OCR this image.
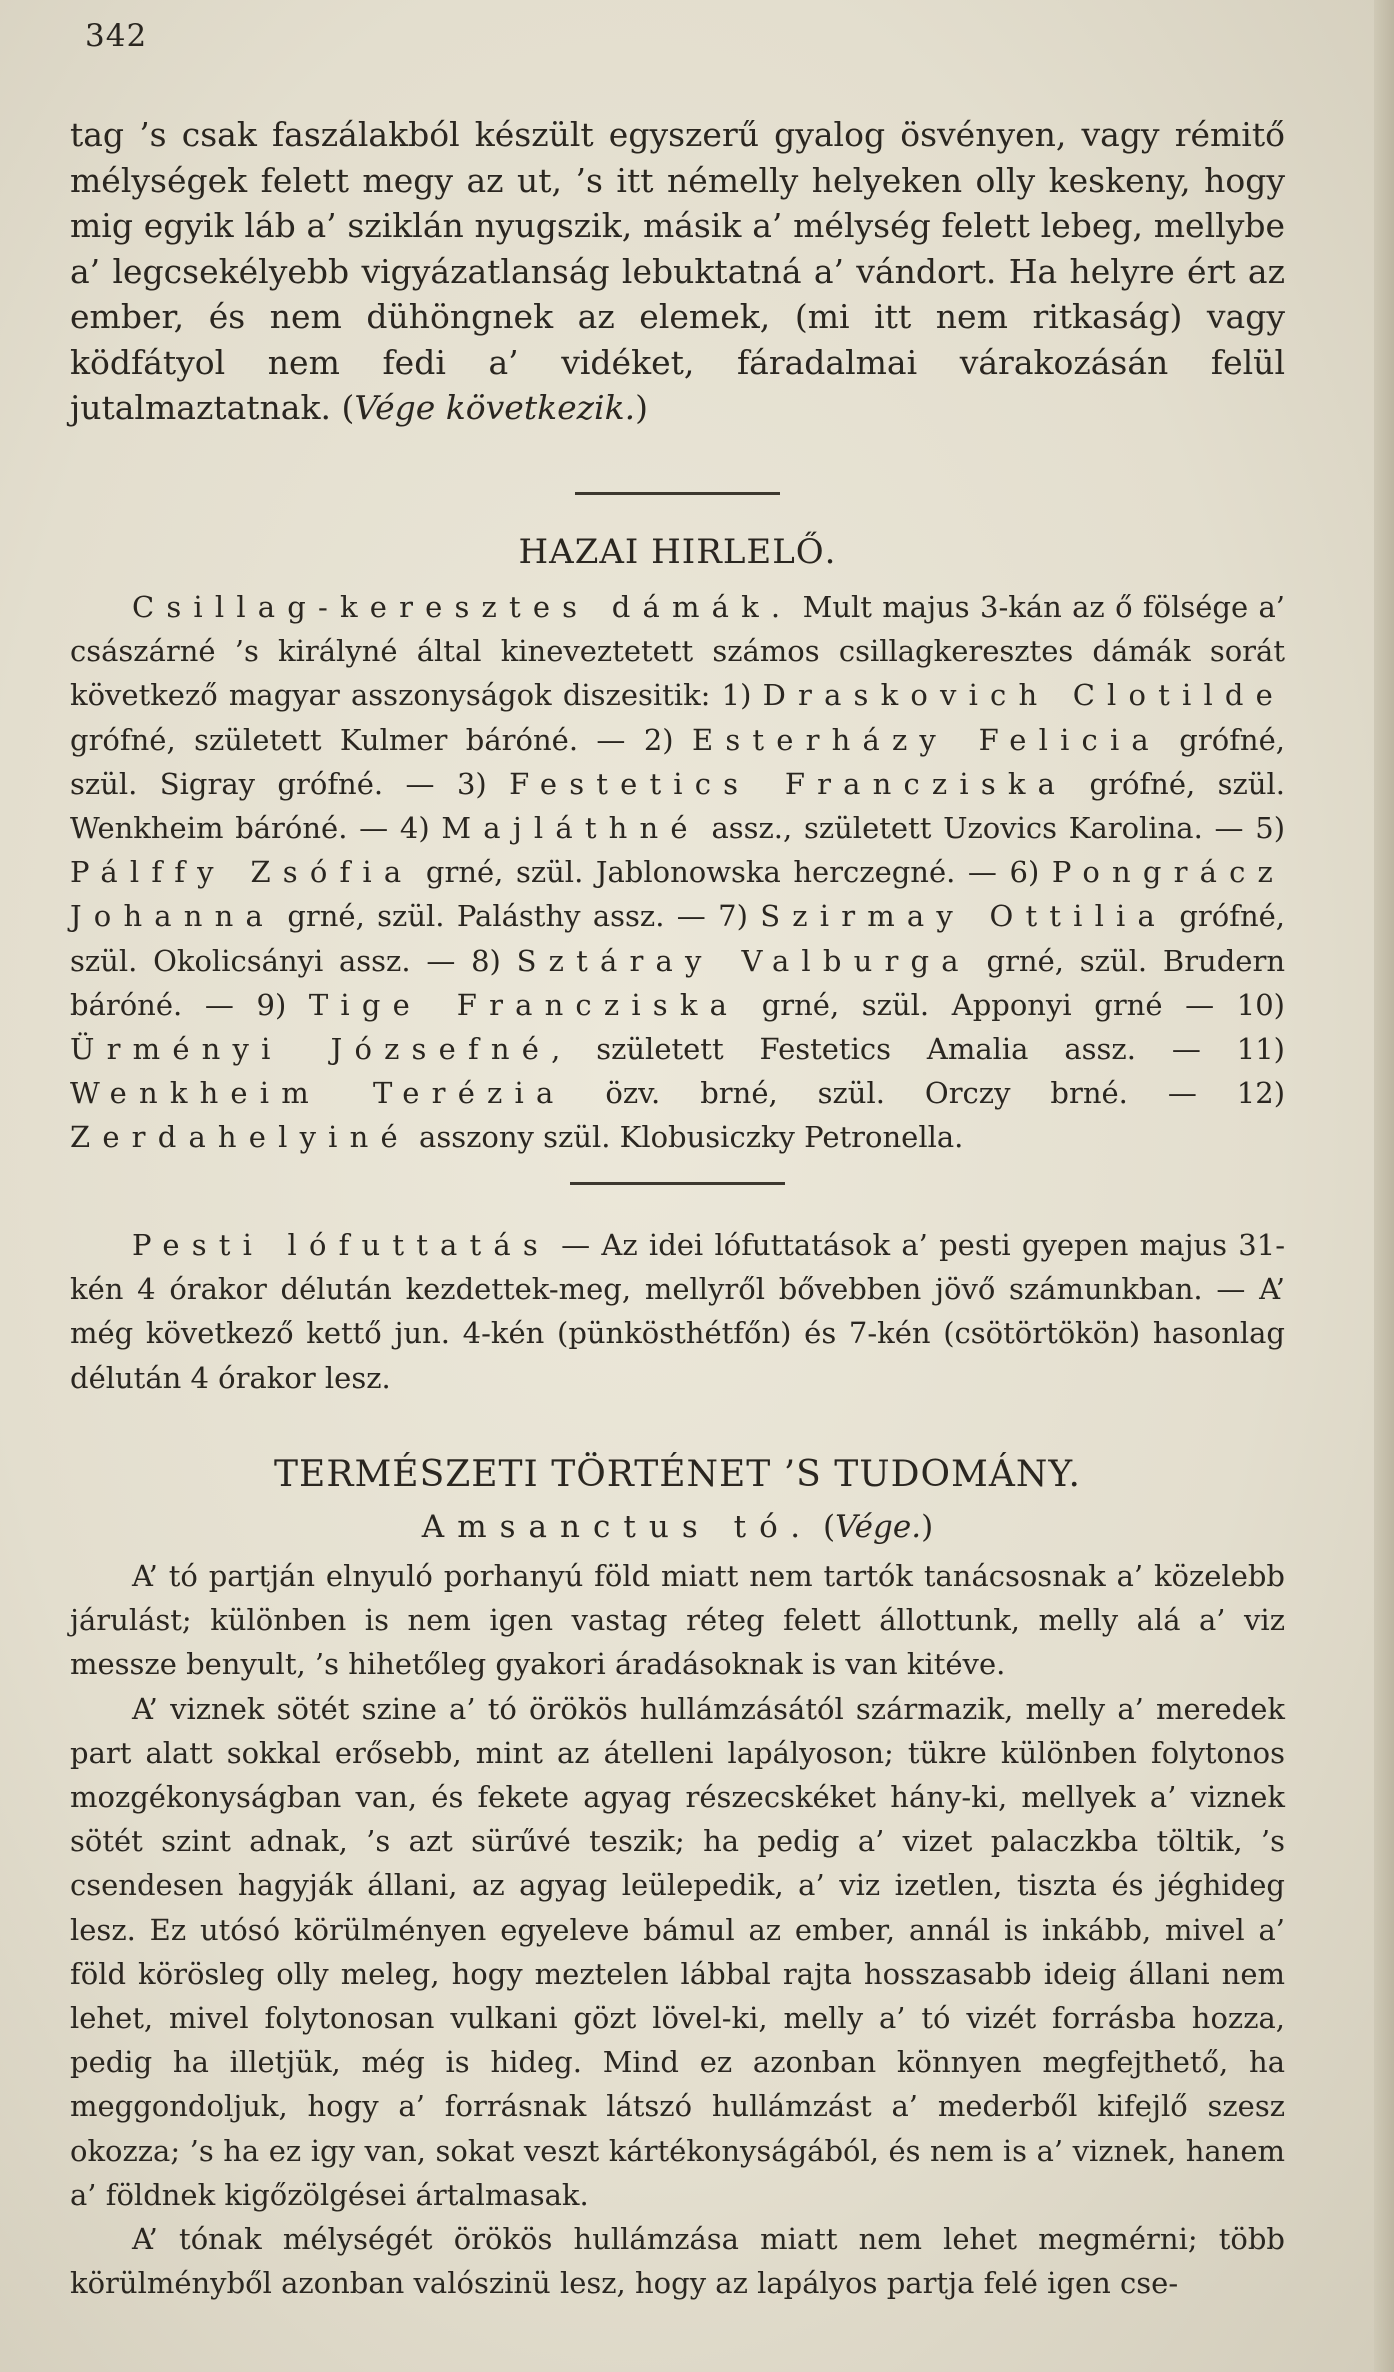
342

tag ’s csak faszálakból készült egyszerű gyalog ösvényen, vagy rémitő mélységek felett megy az ut, ’s itt némelly helyeken olly keskeny, hogy mig egyik láb a’ sziklán nyugszik, másik a’ mélység felett lebeg, mellybe a’ legcsekélyebb vigyázatlanság lebuktatná a’ vándort. Ha helyre ért az ember, és nem dühöngnek az elemek, (mi itt nem ritkaság) vagy ködfátyol nem fedi a’ vidéket, fáradalmai várakozásán felül jutalmaztatnak. (Vége következik.)

HAZAI HIRLELŐ.

Csillag-keresztes dámák. Mult majus 3-kán az ő fölsége a’ császárné ’s királyné által kineveztetett számos csillagkeresztes dámák sorát következő magyar asszonyságok diszesitik: 1) Draskovich Clotilde grófné, született Kulmer báróné. — 2) Esterházy Felicia grófné, szül. Sigray grófné. — 3) Festetics Francziska grófné, szül. Wenkheim báróné. — 4) Majláthné assz., született Uzovics Karolina. — 5) Pálffy Zsófia grné, szül. Jablonowska herczegné. — 6) Pongrácz Johanna grné, szül. Palásthy assz. — 7) Szirmay Ottilia grófné, szül. Okolicsányi assz. — 8) Sztáray Valburga grné, szül. Brudern báróné. — 9) Tige Francziska grné, szül. Apponyi grné — 10) Ürményi Józsefné, született Festetics Amalia assz. — 11) Wenkheim Terézia özv. brné, szül. Orczy brné. — 12) Zerdahelyiné asszony szül. Klobusiczky Petronella.

Pesti lófuttatás — Az idei lófuttatások a’ pesti gyepen majus 31-kén 4 órakor délután kezdettek-meg, mellyről bővebben jövő számunkban. — A’ még következő kettő jun. 4-kén (pünkösthétfőn) és 7-kén (csötörtökön) hasonlag délután 4 órakor lesz.

TERMÉSZETI TÖRTÉNET ’S TUDOMÁNY.

Amsanctus tó. (Vége.)

A’ tó partján elnyuló porhanyú föld miatt nem tartók tanácsosnak a’ közelebb járulást; különben is nem igen vastag réteg felett állottunk, melly alá a’ viz messze benyult, ’s hihetőleg gyakori áradásoknak is van kitéve.

A’ viznek sötét szine a’ tó örökös hullámzásától származik, melly a’ meredek part alatt sokkal erősebb, mint az átelleni lapályoson; tükre különben folytonos mozgékonyságban van, és fekete agyag részecskéket hány-ki, mellyek a’ viznek sötét szint adnak, ’s azt sürűvé teszik; ha pedig a’ vizet palaczkba töltik, ’s csendesen hagyják állani, az agyag leülepedik, a’ viz izetlen, tiszta és jéghideg lesz. Ez utósó körülményen egyeleve bámul az ember, annál is inkább, mivel a’ föld körösleg olly meleg, hogy meztelen lábbal rajta hosszasabb ideig állani nem lehet, mivel folytonosan vulkani gözt lövel-ki, melly a’ tó vizét forrásba hozza, pedig ha illetjük, még is hideg. Mind ez azonban könnyen megfejthető, ha meggondoljuk, hogy a’ forrásnak látszó hullámzást a’ mederből kifejlő szesz okozza; ’s ha ez igy van, sokat veszt kártékonyságából, és nem is a’ viznek, hanem a’ földnek kigőzölgései ártalmasak.

A’ tónak mélységét örökös hullámzása miatt nem lehet megmérni; több körülményből azonban valószinü lesz, hogy az lapályos partja felé igen cse-
